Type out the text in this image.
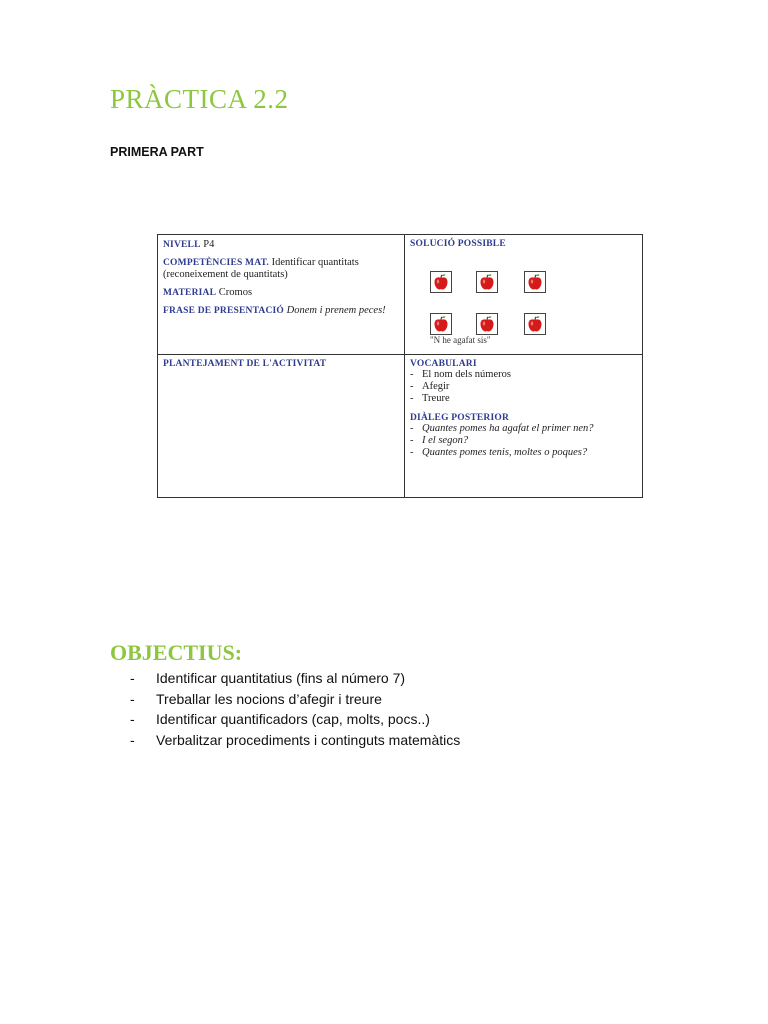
PRÀCTICA 2.2
PRIMERA PART
NIVELL P4
COMPETÈNCIES MAT. Identificar quantitats
(reconeixement de quantitats)
MATERIAL Cromos
FRASE DE PRESENTACIÓ Donem i prenem peces!
SOLUCIÓ POSSIBLE
"N he agafat sis"
PLANTEJAMENT DE L'ACTIVITAT	VOCABULARI
- El nom dels números
- Afegir
- Treure
DIÀLEG POSTERIOR
- Quantes pomes ha agafat el primer nen?
- I el segon?
- Quantes pomes tenis, moltes o poques?
OBJECTIUS:
- Identificar quantitatius (fins al número 7)
- Treballar les nocions d’afegir i treure
- Identificar quantificadors (cap, molts, pocs..)
- Verbalitzar procediments i continguts matemàtics
